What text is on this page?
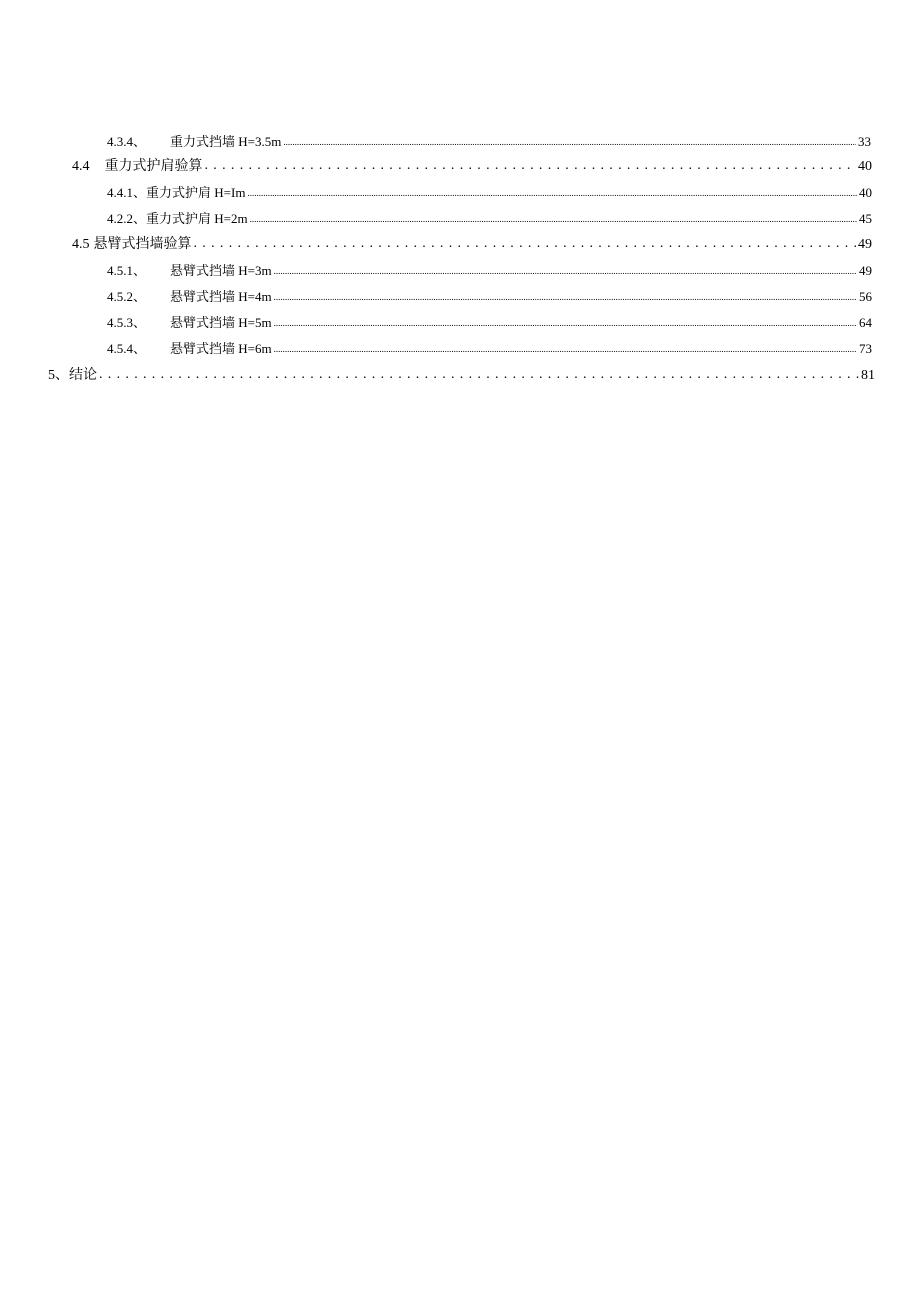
4.3.4、 重力式挡墙 H=3.5m .....	33
4.4 重力式护肩验算 . . .	40
4.4.1、 重力式护肩 H=Im .....	40
4.2.2、 重力式护肩 H=2m .....	45
4.5 悬臂式挡墙验算 . . .	49
4.5.1、 悬臂式挡墙 H=3m .....	49
4.5.2、 悬臂式挡墙 H=4m .....	56
4.5.3、 悬臂式挡墙 H=5m .....	64
4.5.4、 悬臂式挡墙 H=6m .....	73
5、 结论 . . .	81
